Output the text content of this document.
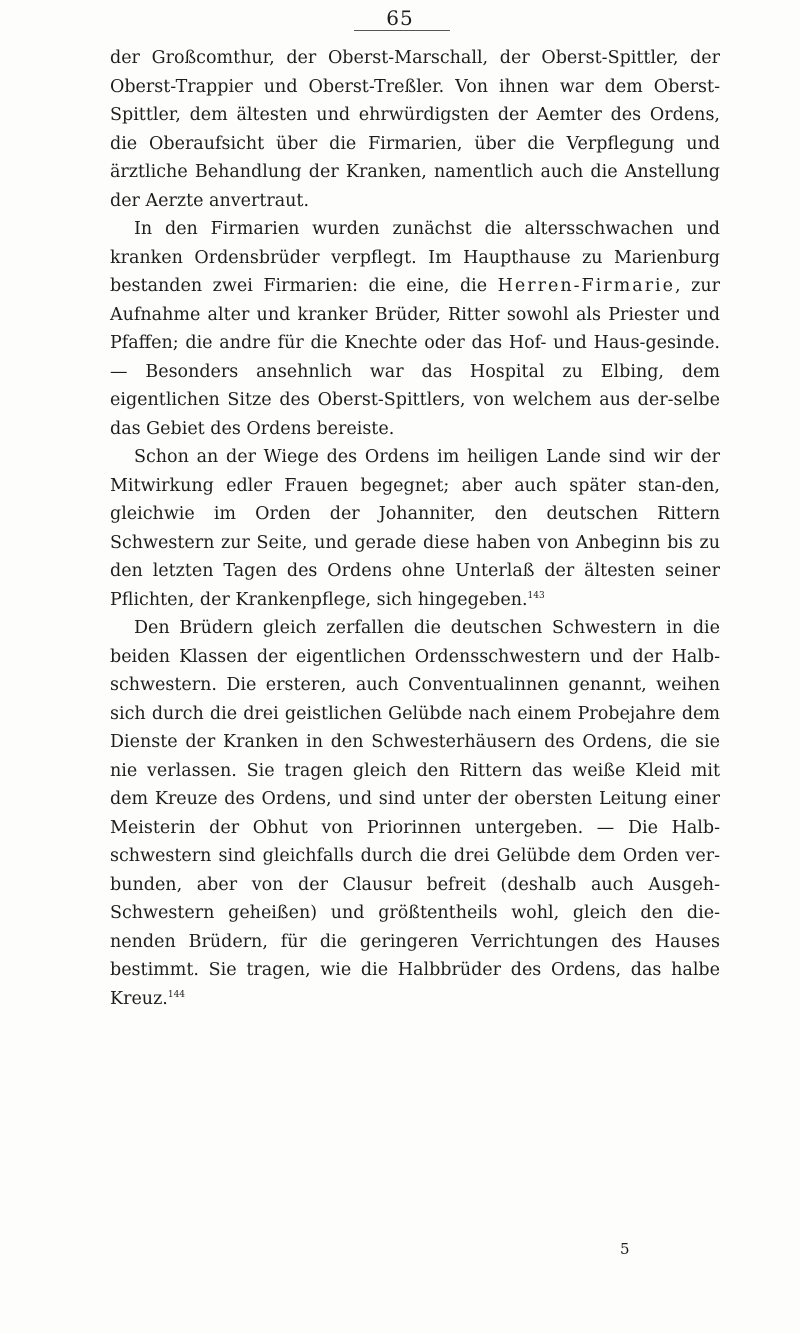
65

der Großcomthur, der Oberst-Marschall, der Oberst-Spittler, der Oberst-Trappier und Oberst-Treßler. Von ihnen war dem Oberst-Spittler, dem ältesten und ehrwürdigsten der Aemter des Ordens, die Oberaufsicht über die Firmarien, über die Verpflegung und ärztliche Behandlung der Kranken, namentlich auch die Anstellung der Aerzte anvertraut.

In den Firmarien wurden zunächst die altersschwachen und kranken Ordensbrüder verpflegt. Im Haupthause zu Marienburg bestanden zwei Firmarien: die eine, die Herren-Firmarie, zur Aufnahme alter und kranker Brüder, Ritter sowohl als Priester und Pfaffen; die andre für die Knechte oder das Hof- und Haus-gesinde. — Besonders ansehnlich war das Hospital zu Elbing, dem eigentlichen Sitze des Oberst-Spittlers, von welchem aus der-selbe das Gebiet des Ordens bereiste.

Schon an der Wiege des Ordens im heiligen Lande sind wir der Mitwirkung edler Frauen begegnet; aber auch später stan-den, gleichwie im Orden der Johanniter, den deutschen Rittern Schwestern zur Seite, und gerade diese haben von Anbeginn bis zu den letzten Tagen des Ordens ohne Unterlaß der ältesten seiner Pflichten, der Krankenpflege, sich hingegeben.$^{143}$

Den Brüdern gleich zerfallen die deutschen Schwestern in die beiden Klassen der eigentlichen Ordensschwestern und der Halb-schwestern. Die ersteren, auch Conventualinnen genannt, weihen sich durch die drei geistlichen Gelübde nach einem Probejahre dem Dienste der Kranken in den Schwesterhäusern des Ordens, die sie nie verlassen. Sie tragen gleich den Rittern das weiße Kleid mit dem Kreuze des Ordens, und sind unter der obersten Leitung einer Meisterin der Obhut von Priorinnen untergeben. — Die Halb-schwestern sind gleichfalls durch die drei Gelübde dem Orden ver-bunden, aber von der Clausur befreit (deshalb auch Ausgeh-Schwestern geheißen) und größtentheils wohl, gleich den die-nenden Brüdern, für die geringeren Verrichtungen des Hauses bestimmt. Sie tragen, wie die Halbbrüder des Ordens, das halbe Kreuz.$^{144}$

5
